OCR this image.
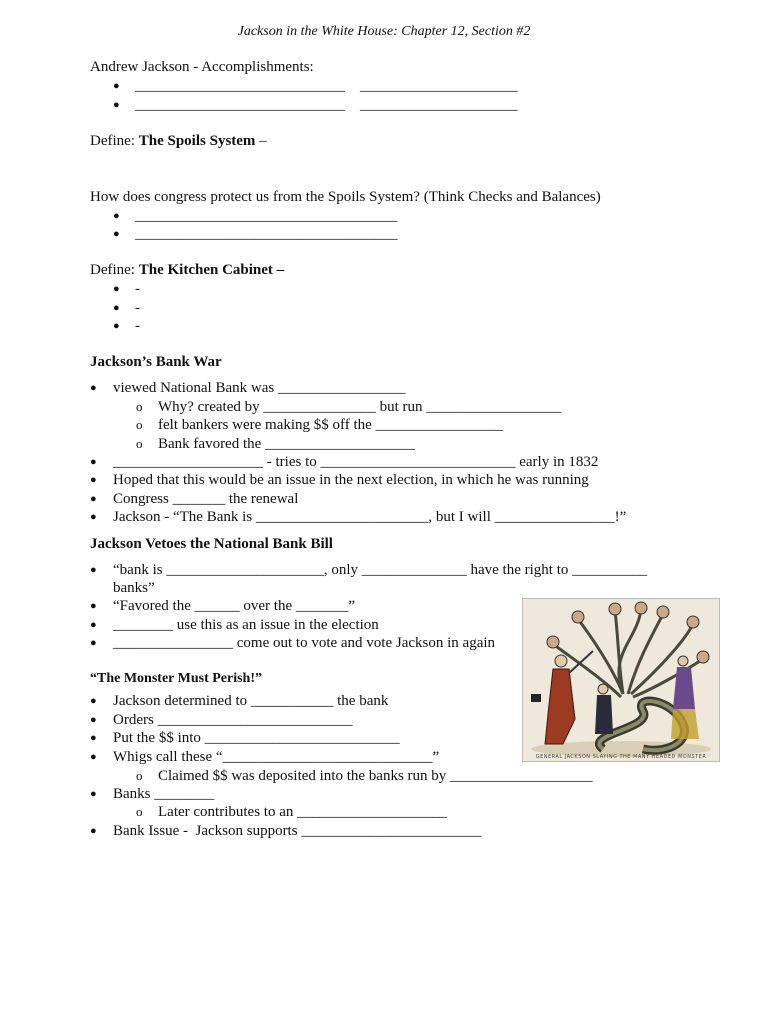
Jackson in the White House: Chapter 12, Section #2
Andrew Jackson - Accomplishments:
● ____________________________    _____________________
● ____________________________    _____________________
Define: The Spoils System –
How does congress protect us from the Spoils System? (Think Checks and Balances)
● ___________________________________
● ___________________________________
Define: The Kitchen Cabinet –
● -
● -
● -
Jackson’s Bank War
● viewed National Bank was _________________
o Why? created by _______________ but run __________________
o felt bankers were making $$ off the _________________
o Bank favored the ____________________
● ____________________ - tries to __________________________ early in 1832
● Hoped that this would be an issue in the next election, in which he was running
● Congress _______ the renewal
● Jackson - “The Bank is _______________________, but I will ________________!”
Jackson Vetoes the National Bank Bill
● “bank is _____________________, only ______________ have the right to __________
banks”
● “Favored the ______ over the _______”
● ________ use this as an issue in the election
● ________________ come out to vote and vote Jackson in again
“The Monster Must Perish!”
● Jackson determined to ___________ the bank
● Orders __________________________
● Put the $$ into __________________________
● Whigs call these “____________________________”
o Claimed $$ was deposited into the banks run by ___________________
● Banks ________
o Later contributes to an ____________________
● Bank Issue -  Jackson supports ________________________
GENERAL JACKSON SLAYING THE MANY HEADED MONSTER
